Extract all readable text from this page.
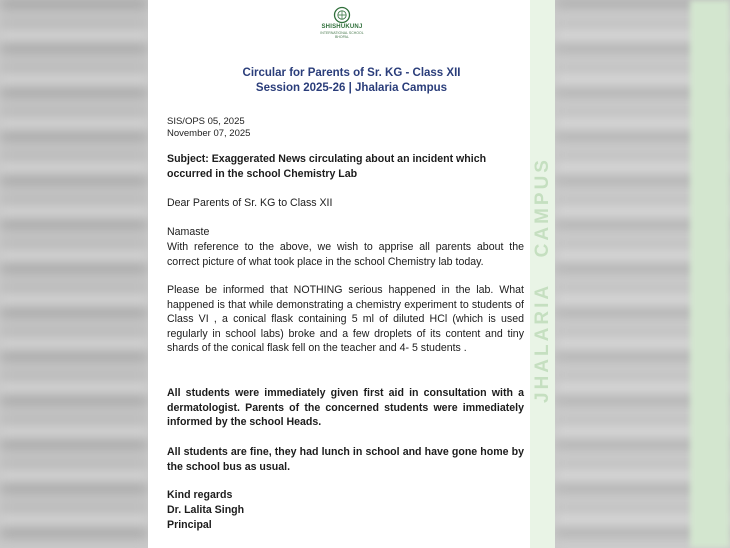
JHALARIA CAMPUS
SHISHUKUNJ
INTERNATIONAL SCHOOL
BHOPAL
Circular for Parents of Sr. KG - Class XII
Session 2025-26 | Jhalaria Campus
SIS/OPS 05, 2025
November 07, 2025

Subject: Exaggerated News circulating about an incident which
occurred in the school Chemistry Lab

Dear Parents of Sr. KG to Class XII

Namaste

With reference to the above, we wish to apprise all parents about the correct picture of what took place in the school Chemistry lab today.

Please be informed that NOTHING serious happened in the lab. What happened is that while demonstrating a chemistry experiment to students of Class VI , a conical flask containing 5 ml of diluted HCl (which is used regularly in school labs) broke and a few droplets of its content and tiny shards of the conical flask fell on the teacher and 4- 5 students .

All students were immediately given first aid in consultation with a dermatologist. Parents of the concerned students were immediately informed by the school Heads.

All students are fine, they had lunch in school and have gone home by the school bus as usual.

Kind regards

Dr. Lalita Singh

Principal
